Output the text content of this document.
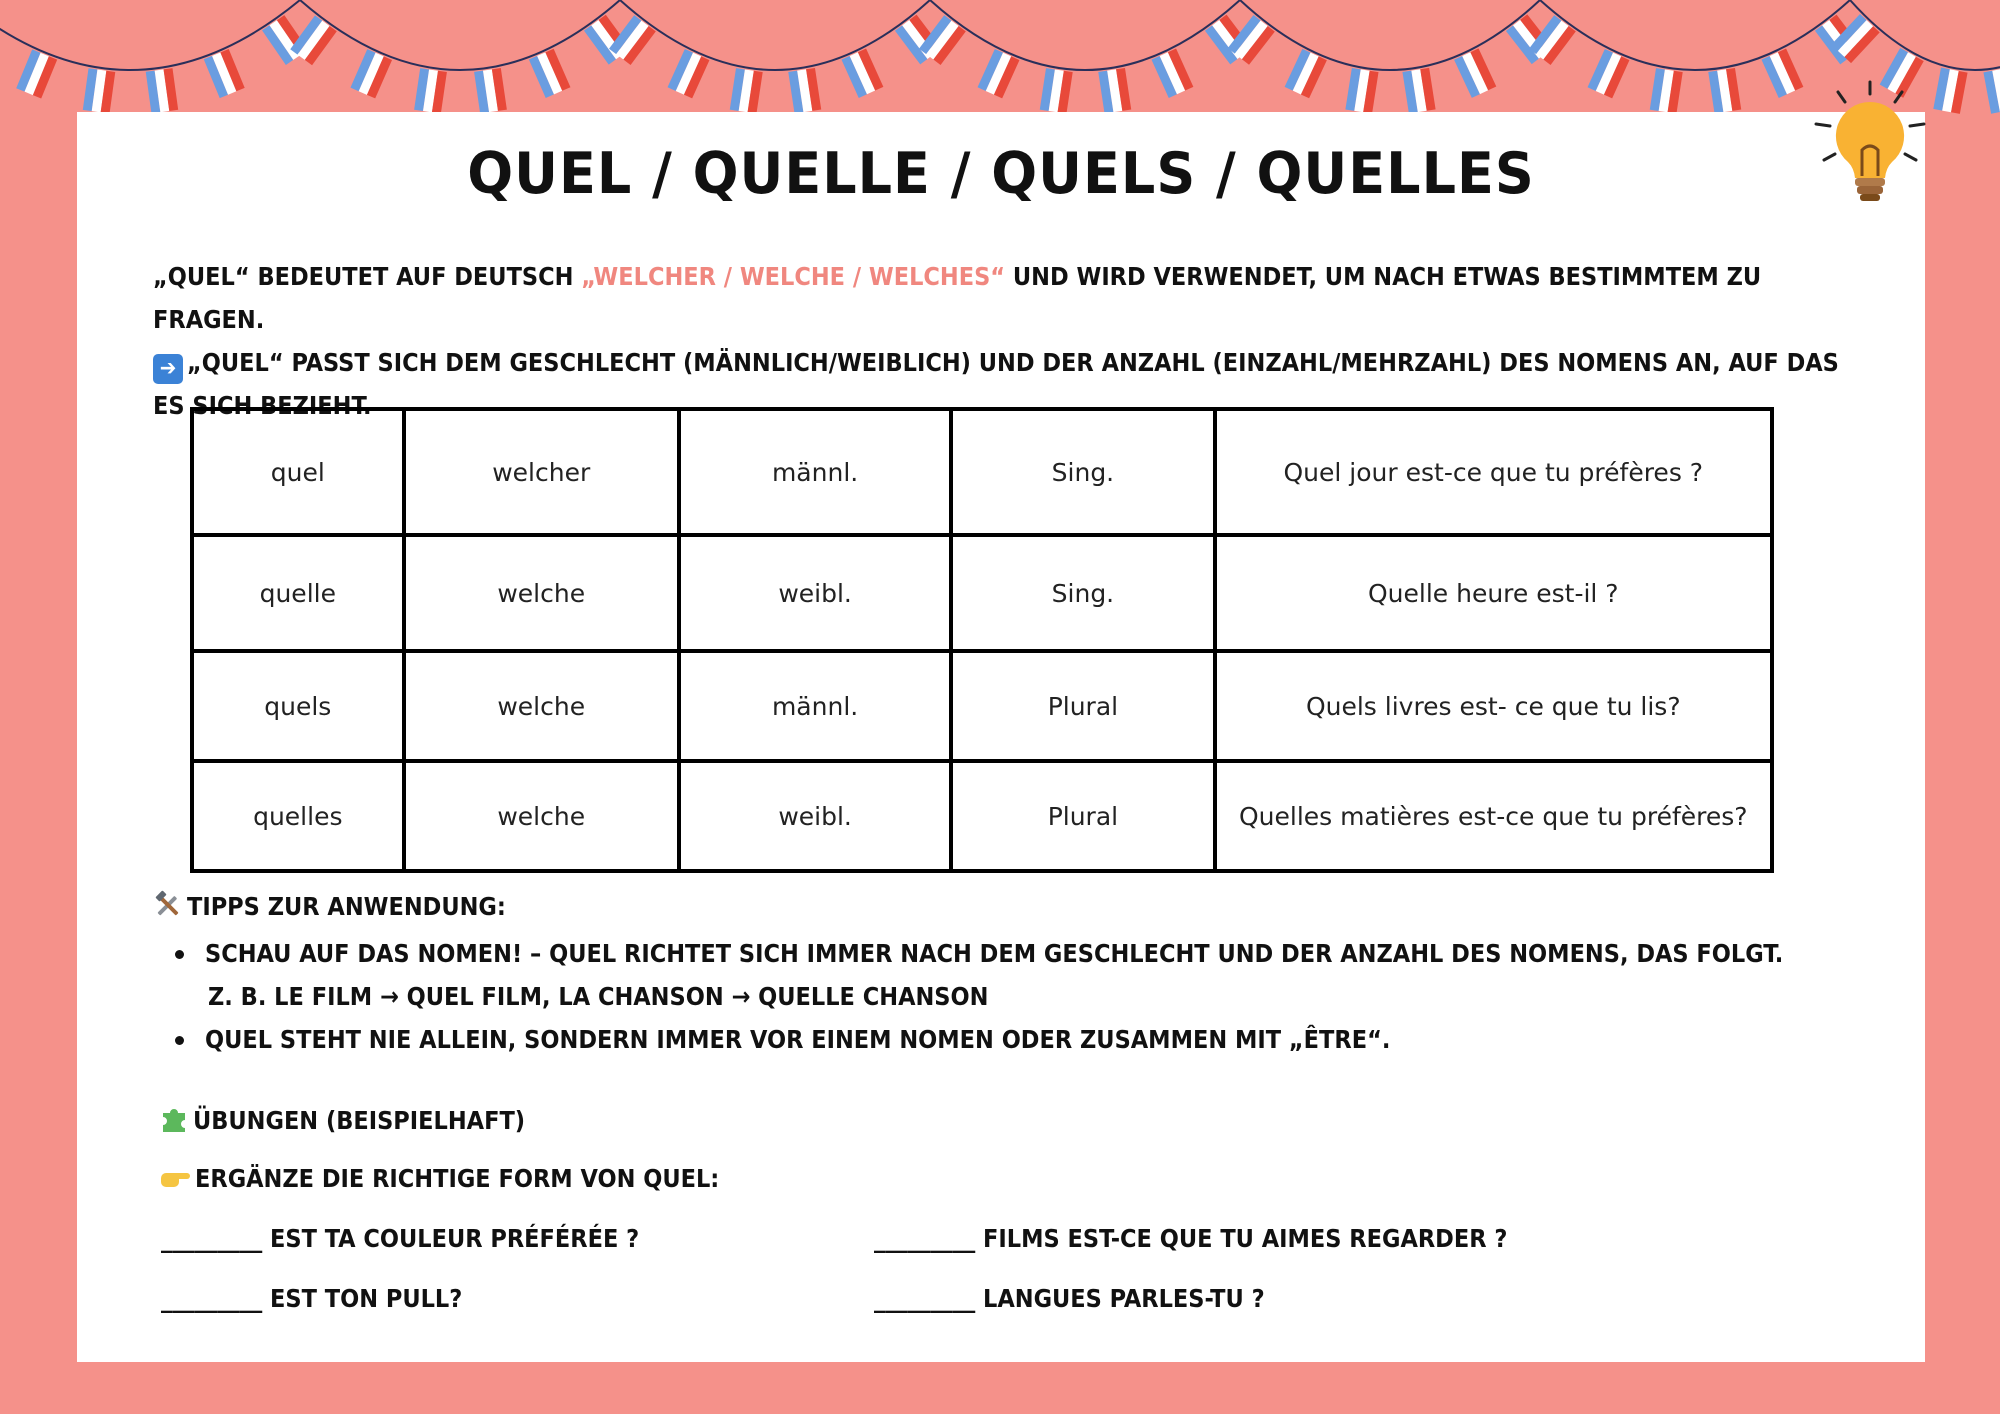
QUEL / QUELLE / QUELS / QUELLES
„QUEL“ BEDEUTET AUF DEUTSCH „WELCHER / WELCHE / WELCHES“ UND WIRD VERWENDET, UM NACH ETWAS BESTIMMTEM ZU FRAGEN.
➔ „QUEL“ PASST SICH DEM GESCHLECHT (MÄNNLICH/WEIBLICH) UND DER ANZAHL (EINZAHL/MEHRZAHL) DES NOMENS AN, AUF DAS ES SICH BEZIEHT.
quel	welcher	männl.	Sing.	Quel jour est-ce que tu préfères ?
quelle	welche	weibl.	Sing.	Quelle heure est-il ?
quels	welche	männl.	Plural	Quels livres est- ce que tu lis?
quelles	welche	weibl.	Plural	Quelles matières est-ce que tu préfères?
TIPPS ZUR ANWENDUNG:
SCHAU AUF DAS NOMEN! – QUEL RICHTET SICH IMMER NACH DEM GESCHLECHT UND DER ANZAHL DES NOMENS, DAS FOLGT.
Z. B. LE FILM → QUEL FILM, LA CHANSON → QUELLE CHANSON
QUEL STEHT NIE ALLEIN, SONDERN IMMER VOR EINEM NOMEN ODER ZUSAMMEN MIT „ÊTRE“.
ÜBUNGEN (BEISPIELHAFT)
ERGÄNZE DIE RICHTIGE FORM VON QUEL:
_________ EST TA COULEUR PRÉFÉRÉE ?	_________ FILMS EST-CE QUE TU AIMES REGARDER ?
_________ EST TON PULL?	_________ LANGUES PARLES-TU ?
